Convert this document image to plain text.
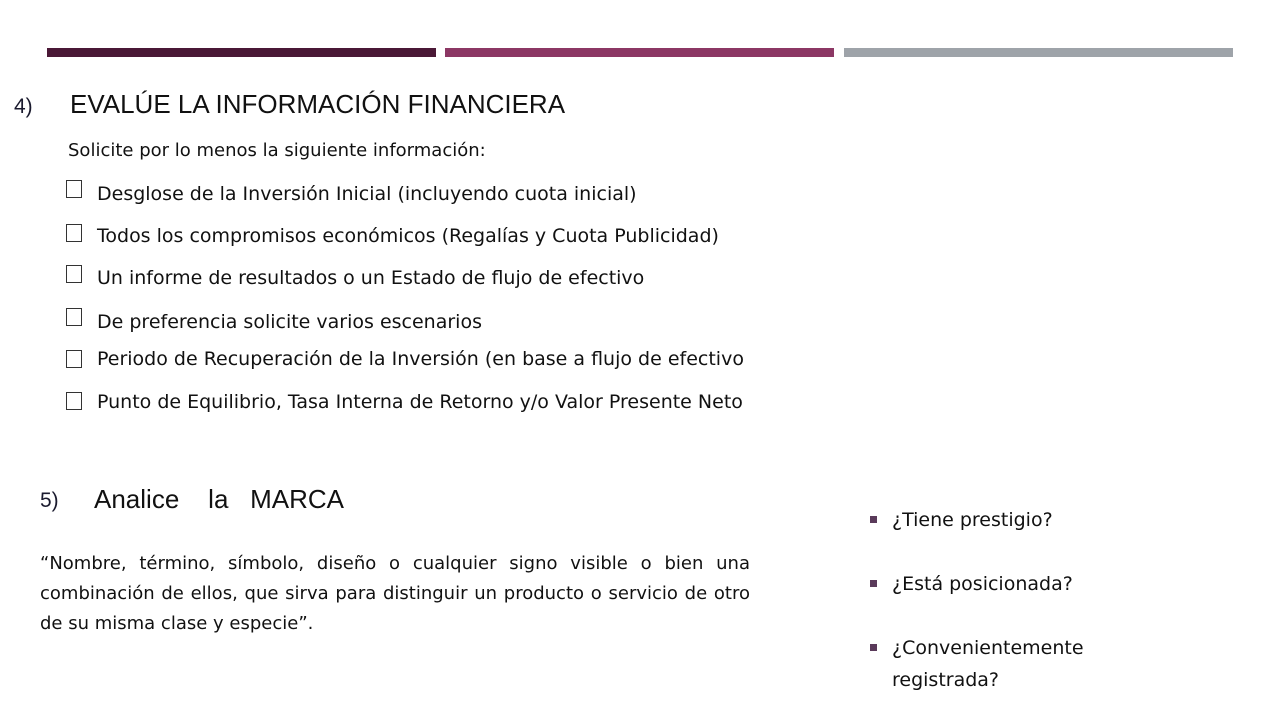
4) EVALÚE LA INFORMACIÓN FINANCIERA
Solicite por lo menos la siguiente información:
Desglose de la Inversión Inicial (incluyendo cuota inicial)
Todos los compromisos económicos (Regalías y Cuota Publicidad)
Un informe de resultados o un Estado de flujo de efectivo
De preferencia solicite varios escenarios
Periodo de Recuperación de la Inversión (en base a flujo de efectivo
Punto de Equilibrio, Tasa Interna de Retorno y/o Valor Presente Neto
5) Analice    la   MARCA
“Nombre, término, símbolo, diseño o cualquier signo visible o bien una combinación de ellos, que sirva para distinguir un producto o servicio de otro de su misma clase y especie”.
¿Tiene prestigio?
¿Está posicionada?
¿Convenientemente registrada?
